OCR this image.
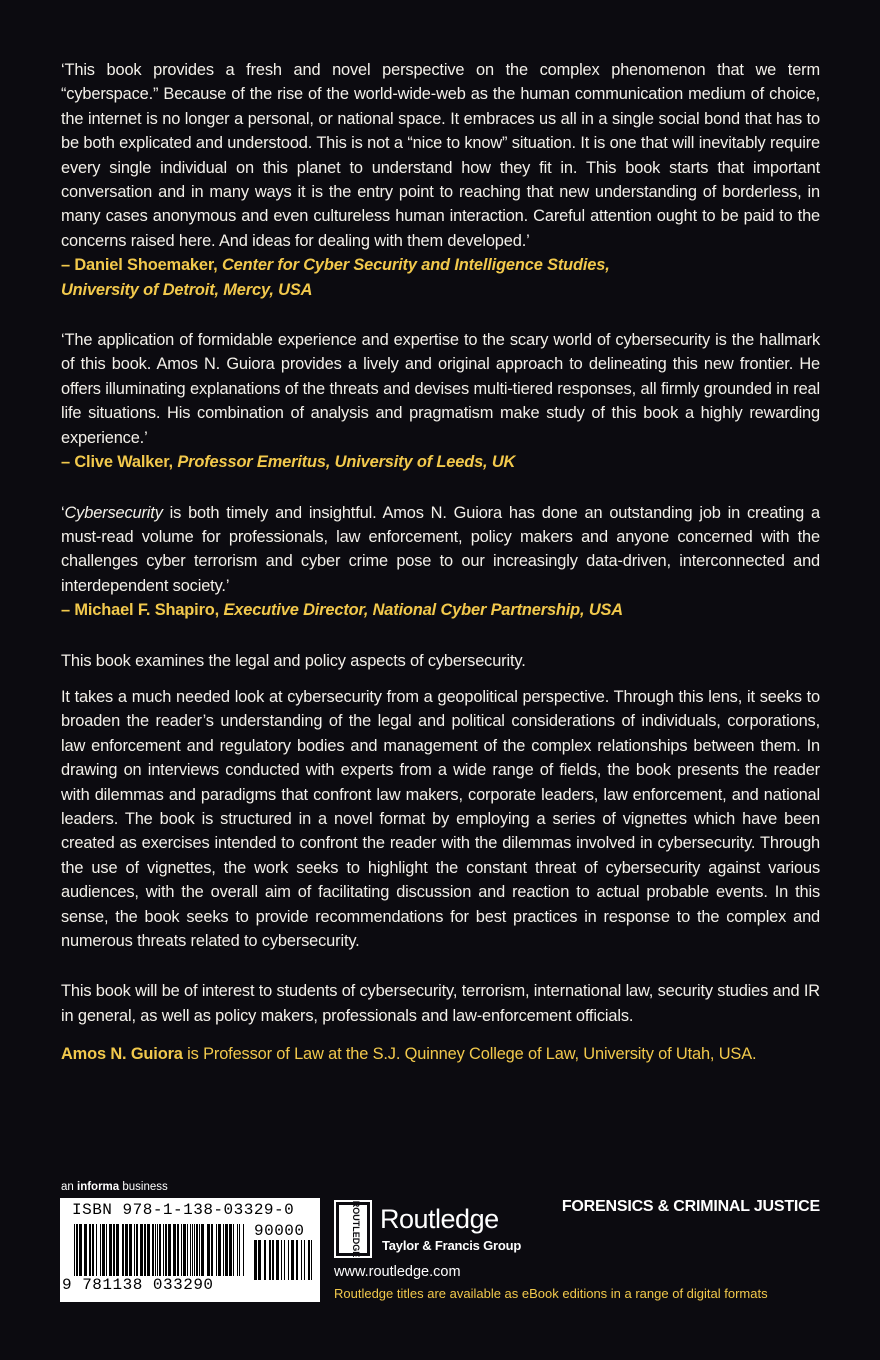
‘This book provides a fresh and novel perspective on the complex phenomenon that we term “cyberspace.” Because of the rise of the world-wide-web as the human communication medium of choice, the internet is no longer a personal, or national space. It embraces us all in a single social bond that has to be both explicated and understood. This is not a “nice to know” situation. It is one that will inevitably require every single individual on this planet to understand how they fit in. This book starts that important conversation and in many ways it is the entry point to reaching that new understanding of borderless, in many cases anonymous and even cultureless human interaction. Careful attention ought to be paid to the concerns raised here. And ideas for dealing with them developed.’

– Daniel Shoemaker, Center for Cyber Security and Intelligence Studies,
University of Detroit, Mercy, USA

‘The application of formidable experience and expertise to the scary world of cybersecurity is the hallmark of this book. Amos N. Guiora provides a lively and original approach to delineating this new frontier. He offers illuminating explanations of the threats and devises multi-tiered responses, all firmly grounded in real life situations. His combination of analysis and pragmatism make study of this book a highly rewarding experience.’

– Clive Walker, Professor Emeritus, University of Leeds, UK

‘Cybersecurity is both timely and insightful. Amos N. Guiora has done an outstanding job in creating a must-read volume for professionals, law enforcement, policy makers and anyone concerned with the challenges cyber terrorism and cyber crime pose to our increasingly data-driven, interconnected and interdependent society.’

– Michael F. Shapiro, Executive Director, National Cyber Partnership, USA

This book examines the legal and policy aspects of cybersecurity.

It takes a much needed look at cybersecurity from a geopolitical perspective. Through this lens, it seeks to broaden the reader’s understanding of the legal and political considerations of individuals, corporations, law enforcement and regulatory bodies and management of the complex relationships between them. In drawing on interviews conducted with experts from a wide range of fields, the book presents the reader with dilemmas and paradigms that confront law makers, corporate leaders, law enforcement, and national leaders. The book is structured in a novel format by employing a series of vignettes which have been created as exercises intended to confront the reader with the dilemmas involved in cybersecurity. Through the use of vignettes, the work seeks to highlight the constant threat of cybersecurity against various audiences, with the overall aim of facilitating discussion and reaction to actual probable events. In this sense, the book seeks to provide recommendations for best practices in response to the complex and numerous threats related to cybersecurity.

This book will be of interest to students of cybersecurity, terrorism, international law, security studies and IR in general, as well as policy makers, professionals and law-enforcement officials.

Amos N. Guiora is Professor of Law at the S.J. Quinney College of Law, University of Utah, USA.

an informa business
ISBN 978-1-138-03329-0
90000
9 781138 033290
ROUTLEDGE Routledge
Taylor & Francis Group
FORENSICS & CRIMINAL JUSTICE
www.routledge.com
Routledge titles are available as eBook editions in a range of digital formats
